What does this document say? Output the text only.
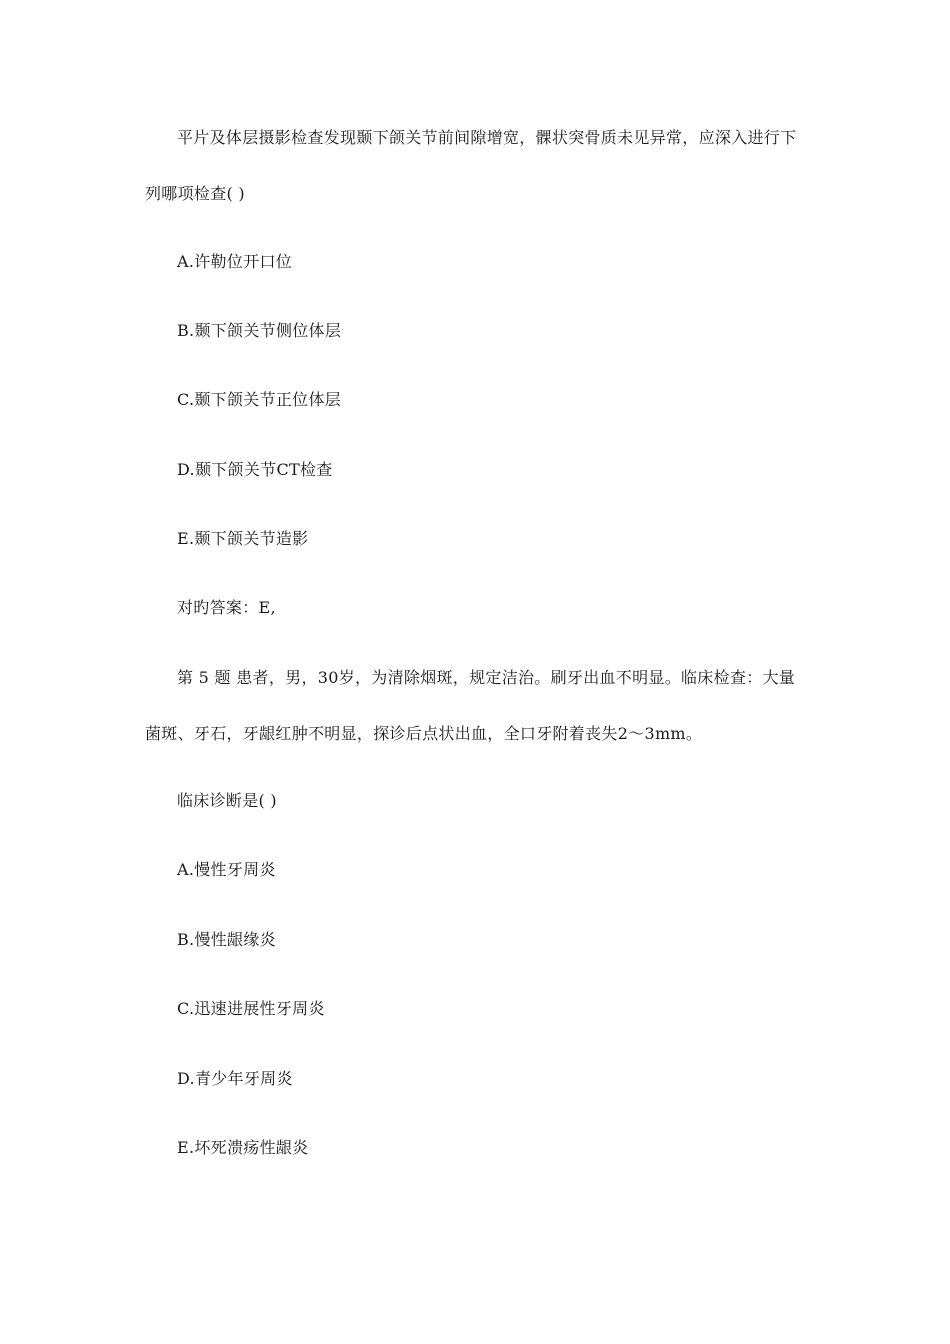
平片及体层摄影检查发现颞下颌关节前间隙增宽，髁状突骨质未见异常，应深入进行下列哪项检查( )
A.许勒位开口位
B.颞下颌关节侧位体层
C.颞下颌关节正位体层
D.颞下颌关节CT检查
E.颞下颌关节造影
对旳答案：E,
第 5 题 患者，男，30岁，为清除烟斑，规定洁治。刷牙出血不明显。临床检查：大量菌斑、牙石，牙龈红肿不明显，探诊后点状出血，全口牙附着丧失2～3mm。
临床诊断是( )
A.慢性牙周炎
B.慢性龈缘炎
C.迅速进展性牙周炎
D.青少年牙周炎
E.坏死溃疡性龈炎
